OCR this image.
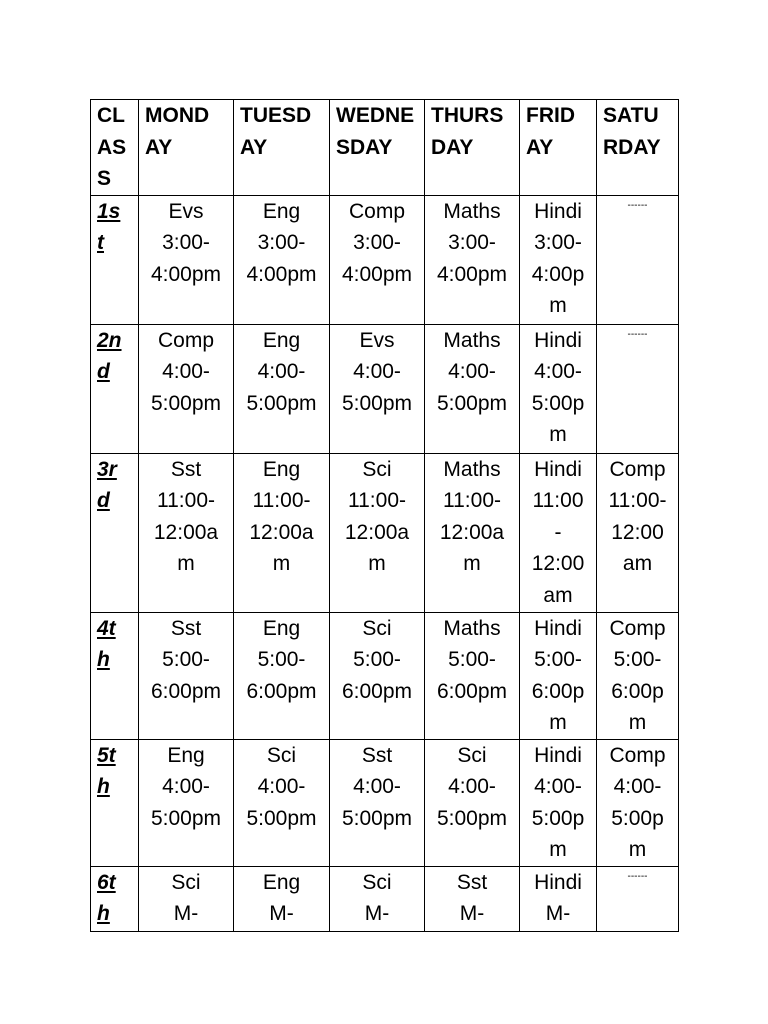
CL
AS
S	MOND
AY	TUESD
AY	WEDNE
SDAY	THURS
DAY	FRID
AY	SATU
RDAY

1s
t	Evs
3:00-
4:00pm	Eng
3:00-
4:00pm	Comp
3:00-
4:00pm	Maths
3:00-
4:00pm	Hindi
3:00-
4:00p
m	------

2n
d	Comp
4:00-
5:00pm	Eng
4:00-
5:00pm	Evs
4:00-
5:00pm	Maths
4:00-
5:00pm	Hindi
4:00-
5:00p
m	------

3r
d	Sst
11:00-
12:00a
m	Eng
11:00-
12:00a
m	Sci
11:00-
12:00a
m	Maths
11:00-
12:00a
m	Hindi
11:00
-
12:00
am	Comp
11:00-
12:00
am

4t
h	Sst
5:00-
6:00pm	Eng
5:00-
6:00pm	Sci
5:00-
6:00pm	Maths
5:00-
6:00pm	Hindi
5:00-
6:00p
m	Comp
5:00-
6:00p
m

5t
h	Eng
4:00-
5:00pm	Sci
4:00-
5:00pm	Sst
4:00-
5:00pm	Sci
4:00-
5:00pm	Hindi
4:00-
5:00p
m	Comp
4:00-
5:00p
m

6t
h	Sci
M-	Eng
M-	Sci
M-	Sst
M-	Hindi
M-	------
